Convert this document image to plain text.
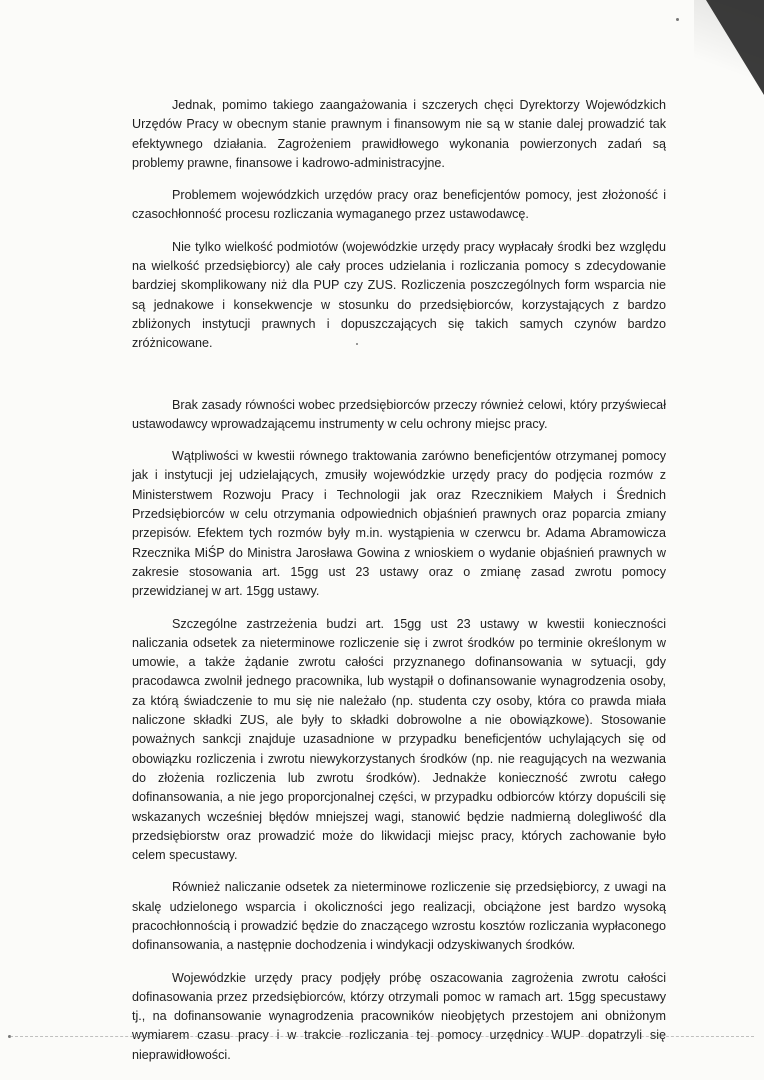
Jednak, pomimo takiego zaangażowania i szczerych chęci Dyrektorzy Wojewódzkich Urzędów Pracy w obecnym stanie prawnym i finansowym nie są w stanie dalej prowadzić tak efektywnego działania. Zagrożeniem prawidłowego wykonania powierzonych zadań są problemy prawne, finansowe i kadrowo-administracyjne.

Problemem wojewódzkich urzędów pracy oraz beneficjentów pomocy, jest złożoność i czasochłonność procesu rozliczania wymaganego przez ustawodawcę.

Nie tylko wielkość podmiotów (wojewódzkie urzędy pracy wypłacały środki bez względu na wielkość przedsiębiorcy) ale cały proces udzielania i rozliczania pomocy s zdecydowanie bardziej skomplikowany niż dla PUP czy ZUS. Rozliczenia poszczególnych form wsparcia nie są jednakowe i konsekwencje w stosunku do przedsiębiorców, korzystających z bardzo zbliżonych instytucji prawnych i dopuszczających się takich samych czynów bardzo zróżnicowane.

Brak zasady równości wobec przedsiębiorców przeczy również celowi, który przyświecał ustawodawcy wprowadzającemu instrumenty w celu ochrony miejsc pracy.

Wątpliwości w kwestii równego traktowania zarówno beneficjentów otrzymanej pomocy jak i instytucji jej udzielających, zmusiły wojewódzkie urzędy pracy do podjęcia rozmów z Ministerstwem Rozwoju Pracy i Technologii jak oraz Rzecznikiem Małych i Średnich Przedsiębiorców w celu otrzymania odpowiednich objaśnień prawnych oraz poparcia zmiany przepisów. Efektem tych rozmów były m.in. wystąpienia w czerwcu br. Adama Abramowicza Rzecznika MiŚP do Ministra Jarosława Gowina z wnioskiem o wydanie objaśnień prawnych w zakresie stosowania art. 15gg ust 23 ustawy oraz o zmianę zasad zwrotu pomocy przewidzianej w art. 15gg ustawy.

Szczególne zastrzeżenia budzi art. 15gg ust 23 ustawy w kwestii konieczności naliczania odsetek za nieterminowe rozliczenie się i zwrot środków po terminie określonym w umowie, a także żądanie zwrotu całości przyznanego dofinansowania w sytuacji, gdy pracodawca zwolnił jednego pracownika, lub wystąpił o dofinansowanie wynagrodzenia osoby, za którą świadczenie to mu się nie należało (np. studenta czy osoby, która co prawda miała naliczone składki ZUS, ale były to składki dobrowolne a nie obowiązkowe). Stosowanie poważnych sankcji znajduje uzasadnione w przypadku beneficjentów uchylających się od obowiązku rozliczenia i zwrotu niewykorzystanych środków (np. nie reagujących na wezwania do złożenia rozliczenia lub zwrotu środków). Jednakże konieczność zwrotu całego dofinansowania, a nie jego proporcjonalnej części, w przypadku odbiorców którzy dopuścili się wskazanych wcześniej błędów mniejszej wagi, stanowić będzie nadmierną dolegliwość dla przedsiębiorstw oraz prowadzić może do likwidacji miejsc pracy, których zachowanie było celem specustawy.

Również naliczanie odsetek za nieterminowe rozliczenie się przedsiębiorcy, z uwagi na skalę udzielonego wsparcia i okoliczności jego realizacji, obciążone jest bardzo wysoką pracochłonnością i prowadzić będzie do znaczącego wzrostu kosztów rozliczania wypłaconego dofinansowania, a następnie dochodzenia i windykacji odzyskiwanych środków.

Wojewódzkie urzędy pracy podjęły próbę oszacowania zagrożenia zwrotu całości dofinasowania przez przedsiębiorców, którzy otrzymali pomoc w ramach art. 15gg specustawy tj., na dofinansowanie wynagrodzenia pracowników nieobjętych przestojem ani obniżonym wymiarem czasu pracy i w trakcie rozliczania tej pomocy urzędnicy WUP dopatrzyli się nieprawidłowości.
